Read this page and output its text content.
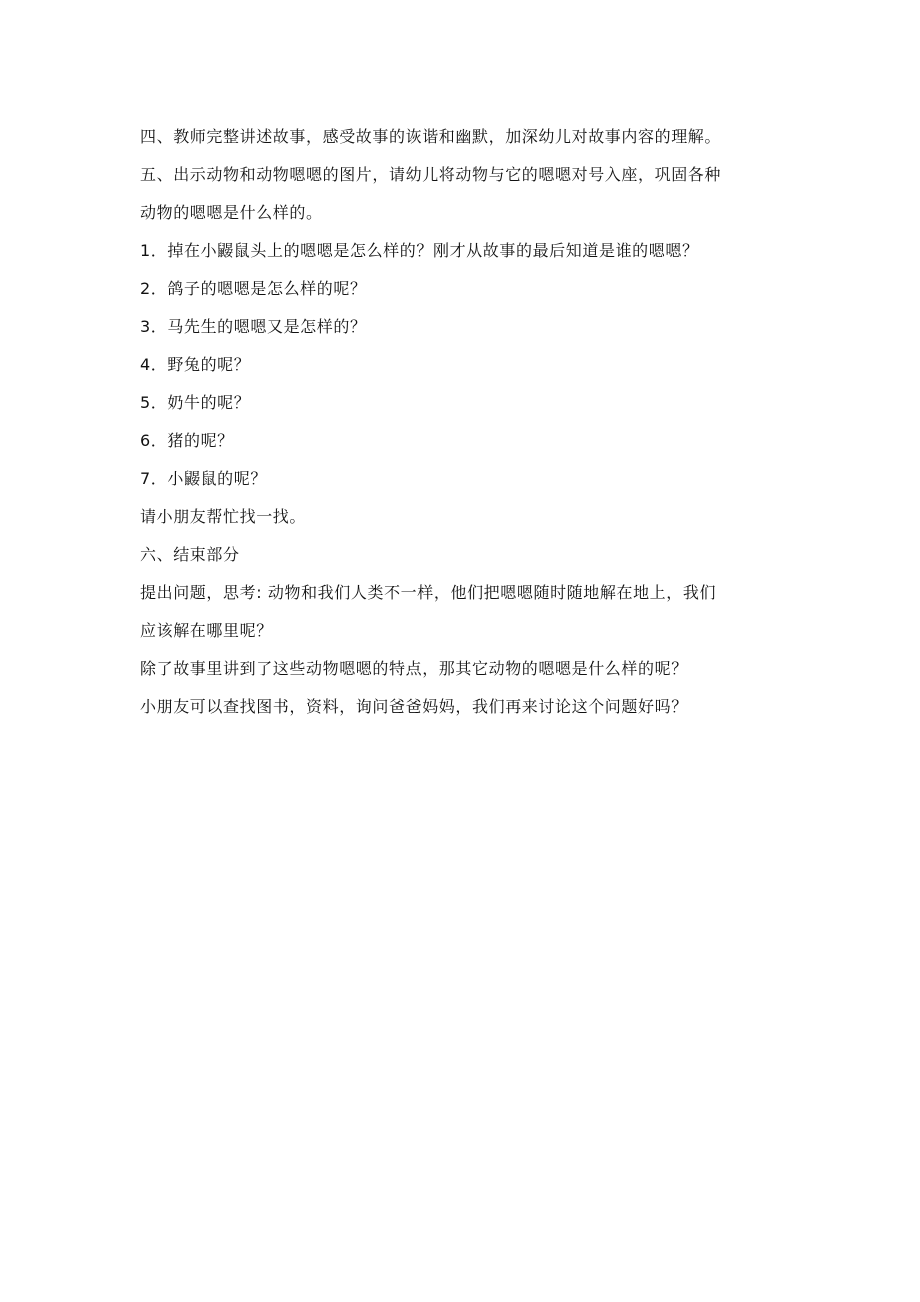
四、教师完整讲述故事，感受故事的诙谐和幽默，加深幼儿对故事内容的理解。
五、出示动物和动物嗯嗯的图片，请幼儿将动物与它的嗯嗯对号入座，巩固各种
动物的嗯嗯是什么样的。
1．掉在小鼹鼠头上的嗯嗯是怎么样的？刚才从故事的最后知道是谁的嗯嗯？
2．鸽子的嗯嗯是怎么样的呢？
3．马先生的嗯嗯又是怎样的？
4．野兔的呢？
5．奶牛的呢？
6．猪的呢？
7．小鼹鼠的呢？
请小朋友帮忙找一找。
六、结束部分
提出问题，思考: 动物和我们人类不一样，他们把嗯嗯随时随地解在地上，我们
应该解在哪里呢？
除了故事里讲到了这些动物嗯嗯的特点，那其它动物的嗯嗯是什么样的呢？
小朋友可以查找图书，资料，询问爸爸妈妈，我们再来讨论这个问题好吗？
